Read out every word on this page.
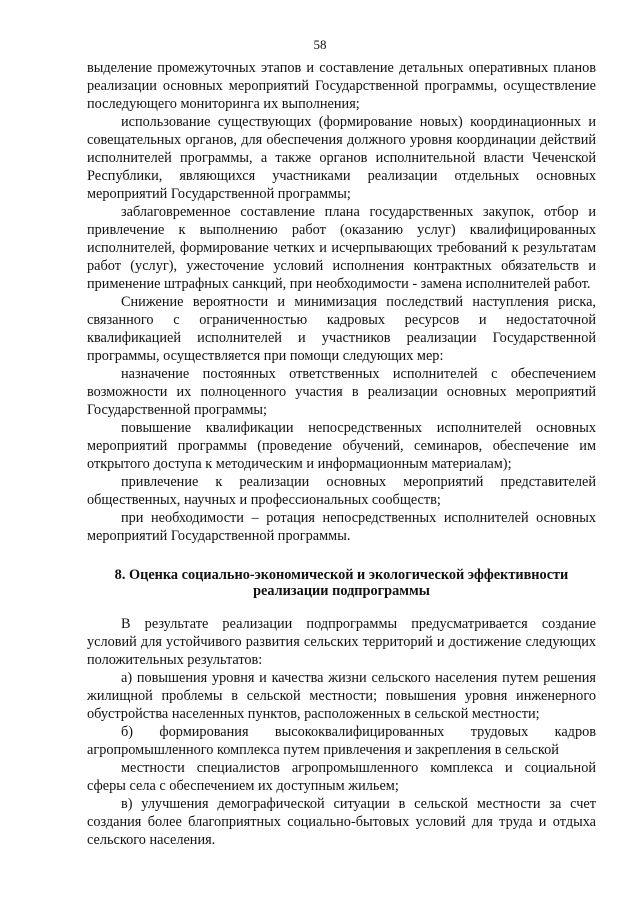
58

выделение промежуточных этапов и составление детальных оперативных планов реализации основных мероприятий Государственной программы, осуществление последующего мониторинга их выполнения;

использование существующих (формирование новых) координационных и совещательных органов, для обеспечения должного уровня координации действий исполнителей программы, а также органов исполнительной власти Чеченской Республики, являющихся участниками реализации отдельных основных мероприятий Государственной программы;

заблаговременное составление плана государственных закупок, отбор и привлечение к выполнению работ (оказанию услуг) квалифицированных исполнителей, формирование четких и исчерпывающих требований к результатам работ (услуг), ужесточение условий исполнения контрактных обязательств и применение штрафных санкций, при необходимости - замена исполнителей работ.

Снижение вероятности и минимизация последствий наступления риска, связанного с ограниченностью кадровых ресурсов и недостаточной квалификацией исполнителей и участников реализации Государственной программы, осуществляется при помощи следующих мер:

назначение постоянных ответственных исполнителей с обеспечением возможности их полноценного участия в реализации основных мероприятий Государственной программы;

повышение квалификации непосредственных исполнителей основных мероприятий программы (проведение обучений, семинаров, обеспечение им открытого доступа к методическим и информационным материалам);

привлечение к реализации основных мероприятий представителей общественных, научных и профессиональных сообществ;

при необходимости – ротация непосредственных исполнителей основных мероприятий Государственной программы.

8. Оценка социально-экономической и экологической эффективности реализации подпрограммы

В результате реализации подпрограммы предусматривается создание условий для устойчивого развития сельских территорий и достижение следующих положительных результатов:

а) повышения уровня и качества жизни сельского населения путем решения жилищной проблемы в сельской местности; повышения уровня инженерного обустройства населенных пунктов, расположенных в сельской местности;

б) формирования высококвалифицированных трудовых кадров агропромышленного комплекса путем привлечения и закрепления в сельской

местности специалистов агропромышленного комплекса и социальной сферы села с обеспечением их доступным жильем;

в) улучшения демографической ситуации в сельской местности за счет создания более благоприятных социально-бытовых условий для труда и отдыха сельского населения.
